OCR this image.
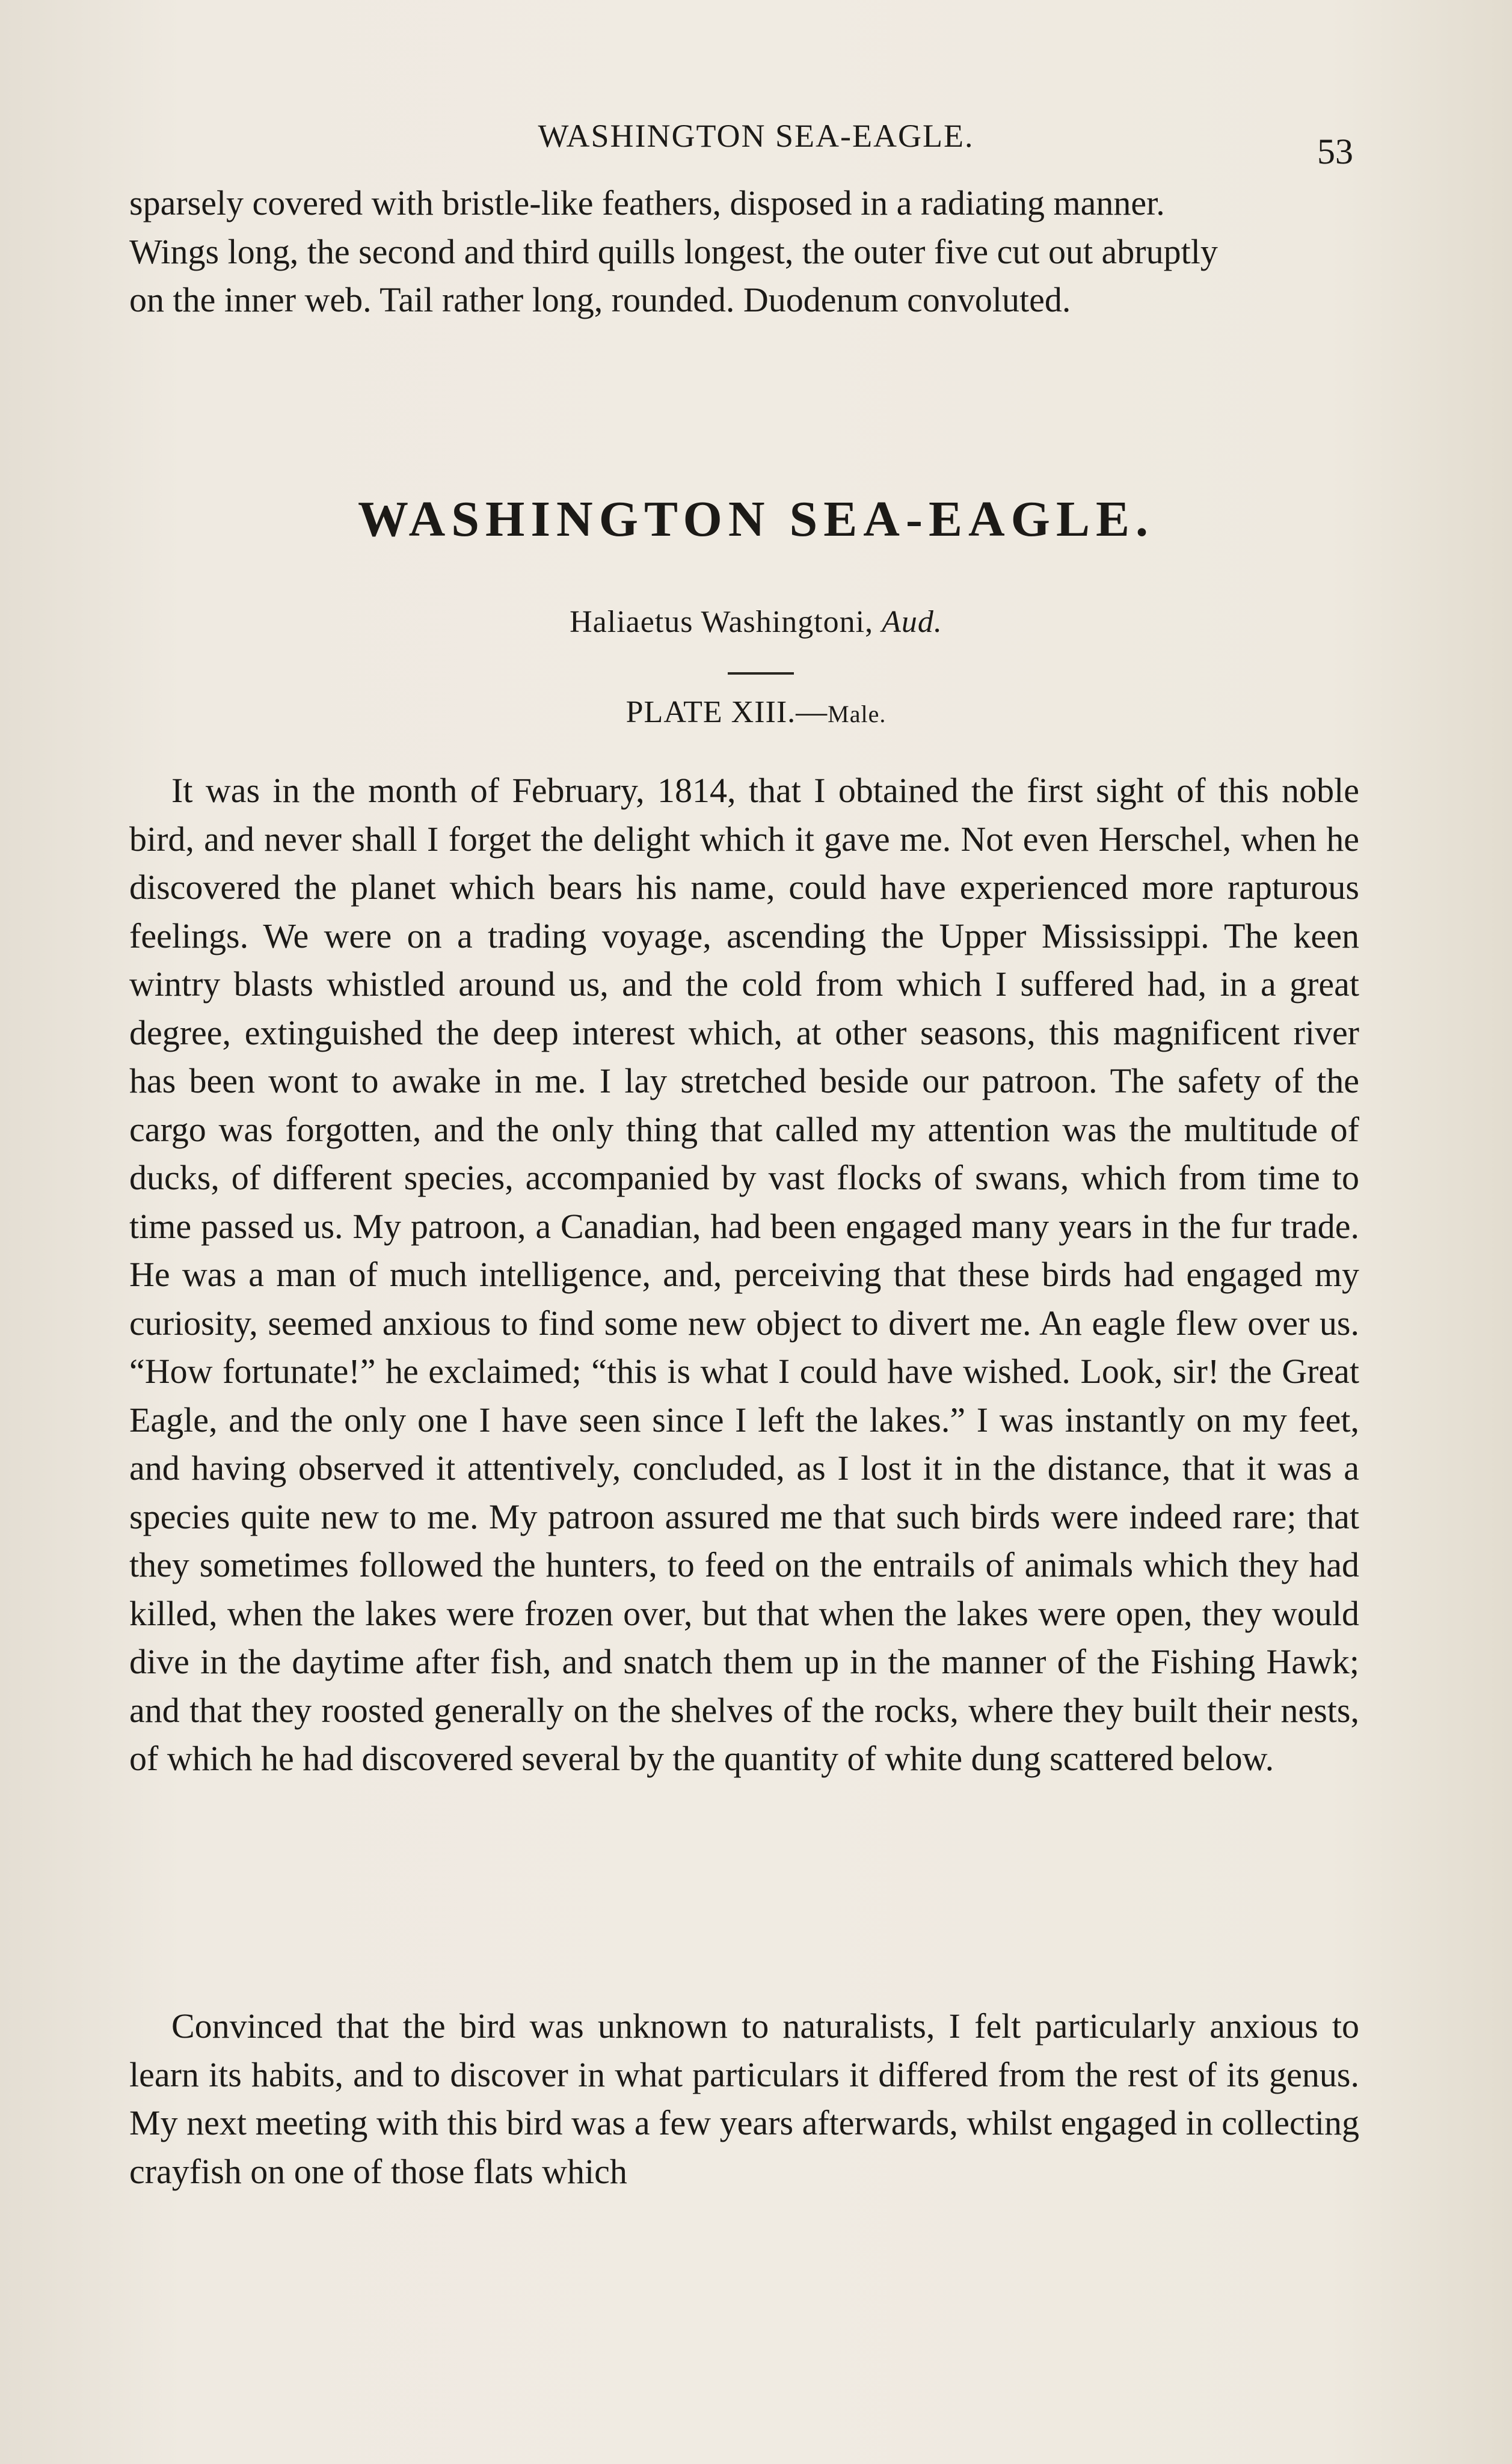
WASHINGTON SEA-EAGLE.	53
sparsely covered with bristle-like feathers, disposed in a radiating manner.
Wings long, the second and third quills longest, the outer five cut out abruptly
on the inner web. Tail rather long, rounded. Duodenum convoluted.
WASHINGTON SEA-EAGLE.
Haliaetus Washingtoni, Aud.
PLATE XIII.—Male.

It was in the month of February, 1814, that I obtained the first sight of this noble bird, and never shall I forget the delight which it gave me. Not even Herschel, when he discovered the planet which bears his name, could have experienced more rapturous feelings. We were on a trading voyage, ascending the Upper Mississippi. The keen wintry blasts whistled around us, and the cold from which I suffered had, in a great degree, extinguished the deep interest which, at other seasons, this magnificent river has been wont to awake in me. I lay stretched beside our patroon. The safety of the cargo was forgotten, and the only thing that called my attention was the multitude of ducks, of different species, accompanied by vast flocks of swans, which from time to time passed us. My patroon, a Canadian, had been engaged many years in the fur trade. He was a man of much intelligence, and, perceiving that these birds had engaged my curiosity, seemed anxious to find some new object to divert me. An eagle flew over us. “How fortunate!” he exclaimed; “this is what I could have wished. Look, sir! the Great Eagle, and the only one I have seen since I left the lakes.” I was instantly on my feet, and having observed it attentively, concluded, as I lost it in the distance, that it was a species quite new to me. My patroon assured me that such birds were indeed rare; that they sometimes followed the hunters, to feed on the entrails of animals which they had killed, when the lakes were frozen over, but that when the lakes were open, they would dive in the daytime after fish, and snatch them up in the manner of the Fishing Hawk; and that they roosted generally on the shelves of the rocks, where they built their nests, of which he had discovered several by the quantity of white dung scattered below.

Convinced that the bird was unknown to naturalists, I felt particularly anxious to learn its habits, and to discover in what particulars it differed from the rest of its genus. My next meeting with this bird was a few years afterwards, whilst engaged in collecting crayfish on one of those flats which
